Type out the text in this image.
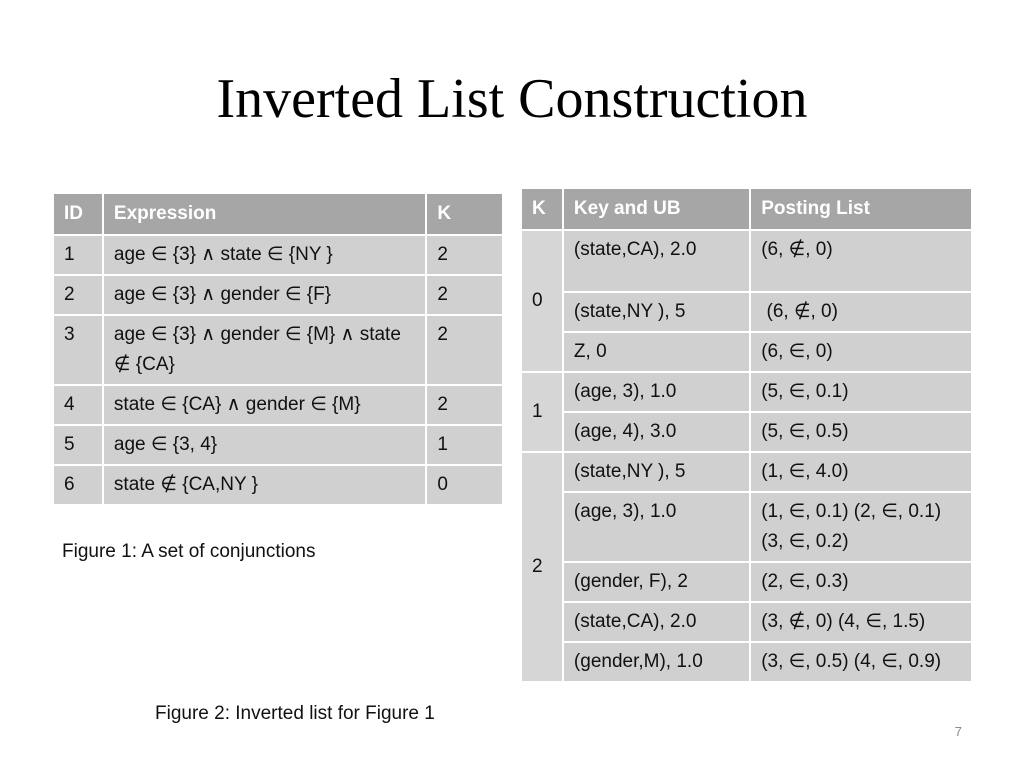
Inverted List Construction
ID	Expression	K
1	age ∈ {3} ∧ state ∈ {NY }	2
2	age ∈ {3} ∧ gender ∈ {F}	2
3	age ∈ {3} ∧ gender ∈ {M} ∧ state ∉ {CA}	2
4	state ∈ {CA} ∧ gender ∈ {M}	2
5	age ∈ {3, 4}	1
6	state ∉ {CA,NY }	0
Figure 1: A set of conjunctions
K	Key and UB	Posting List
0	(state,CA), 2.0	(6, ∉, 0)
	(state,NY ), 5	(6, ∉, 0)
	Z, 0	(6, ∈, 0)
1	(age, 3), 1.0	(5, ∈, 0.1)
	(age, 4), 3.0	(5, ∈, 0.5)
2	(state,NY ), 5	(1, ∈, 4.0)
	(age, 3), 1.0	(1, ∈, 0.1) (2, ∈, 0.1) (3, ∈, 0.2)
	(gender, F), 2	(2, ∈, 0.3)
	(state,CA), 2.0	(3, ∉, 0) (4, ∈, 1.5)
	(gender,M), 1.0	(3, ∈, 0.5) (4, ∈, 0.9)
Figure 2: Inverted list for Figure 1
7
